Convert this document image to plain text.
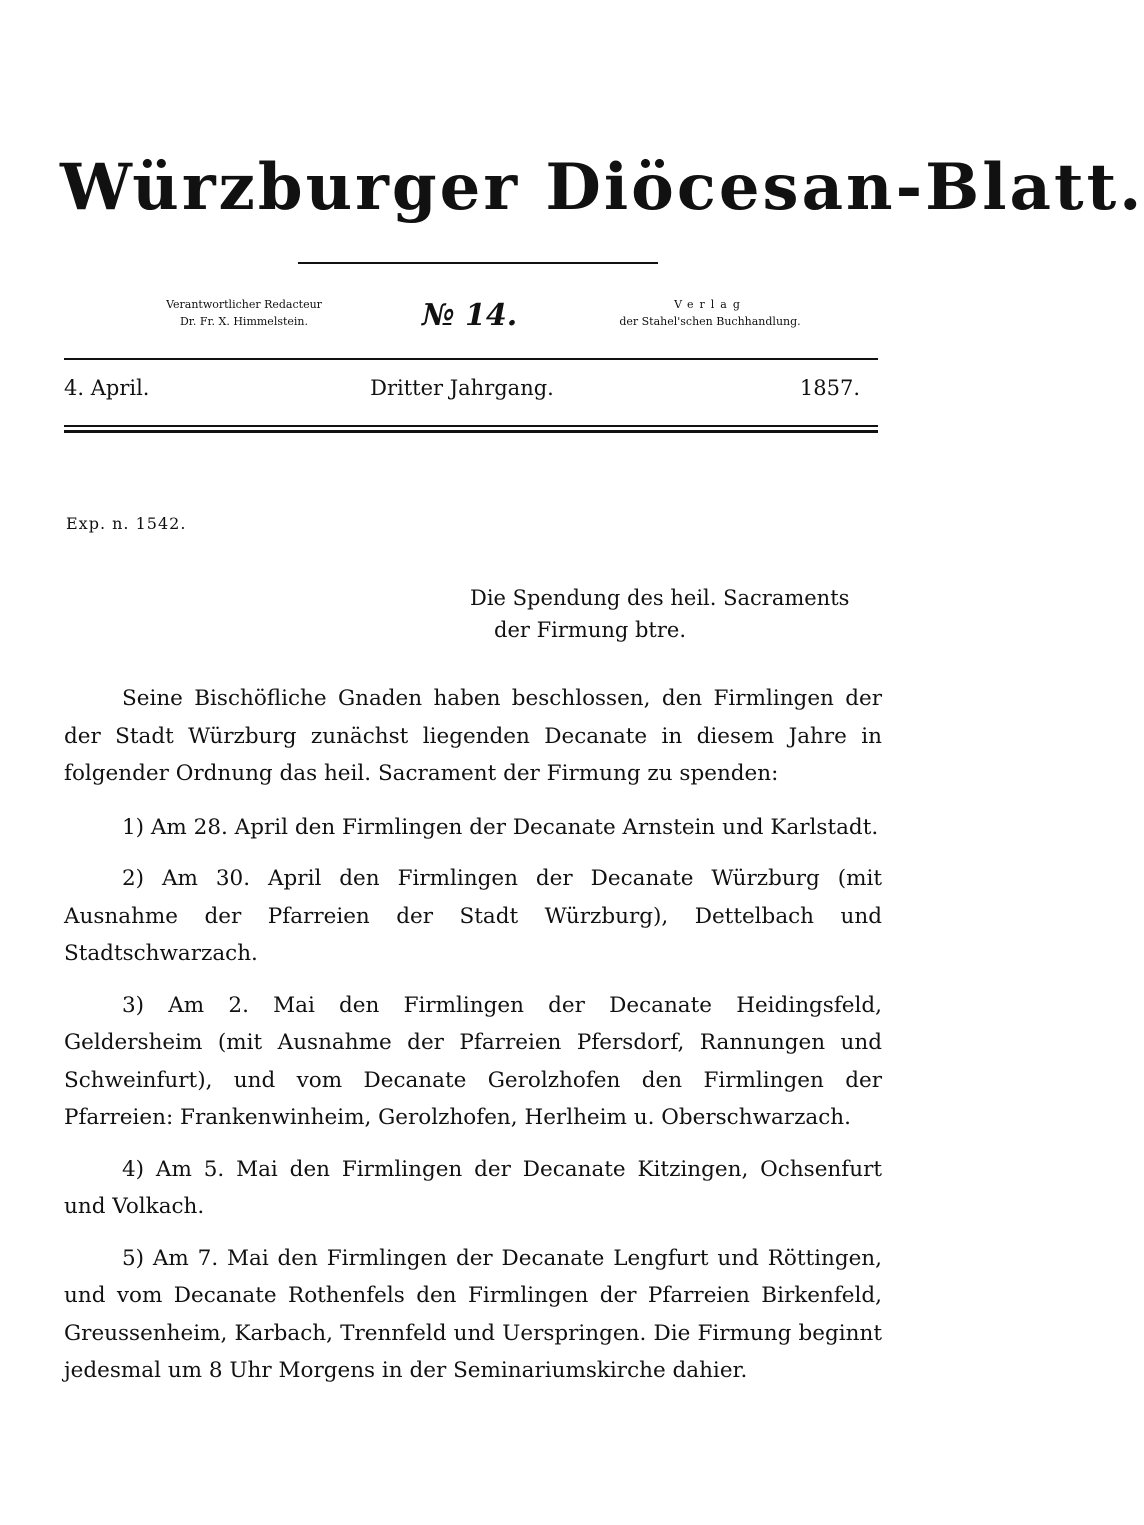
Würzburger Diöcesan-Blatt.
Verantwortlicher Redacteur
Dr. Fr. X. Himmelstein.	№ 14.	Verlag
der Stahel'schen Buchhandlung.
Dritter Jahrgang.
4. April.	1857.
Exp. n. 1542.
Die Spendung des heil. Sacraments
der Firmung btre.

Seine Bischöfliche Gnaden haben beschlossen, den Firmlingen der der Stadt Würzburg zunächst liegenden Decanate in diesem Jahre in folgender Ordnung das heil. Sacrament der Firmung zu spenden:

1) Am 28. April den Firmlingen der Decanate Arnstein und Karlstadt.

2) Am 30. April den Firmlingen der Decanate Würzburg (mit Ausnahme der Pfarreien der Stadt Würzburg), Dettelbach und Stadtschwarzach.

3) Am 2. Mai den Firmlingen der Decanate Heidingsfeld, Geldersheim (mit Ausnahme der Pfarreien Pfersdorf, Rannungen und Schweinfurt), und vom Decanate Gerolzhofen den Firmlingen der Pfarreien: Frankenwinheim, Gerolzhofen, Herlheim u. Oberschwarzach.

4) Am 5. Mai den Firmlingen der Decanate Kitzingen, Ochsenfurt und Volkach.

5) Am 7. Mai den Firmlingen der Decanate Lengfurt und Röttingen, und vom Decanate Rothenfels den Firmlingen der Pfarreien Birkenfeld, Greussenheim, Karbach, Trennfeld und Uerspringen. Die Firmung beginnt jedesmal um 8 Uhr Morgens in der Seminariumskirche dahier.
